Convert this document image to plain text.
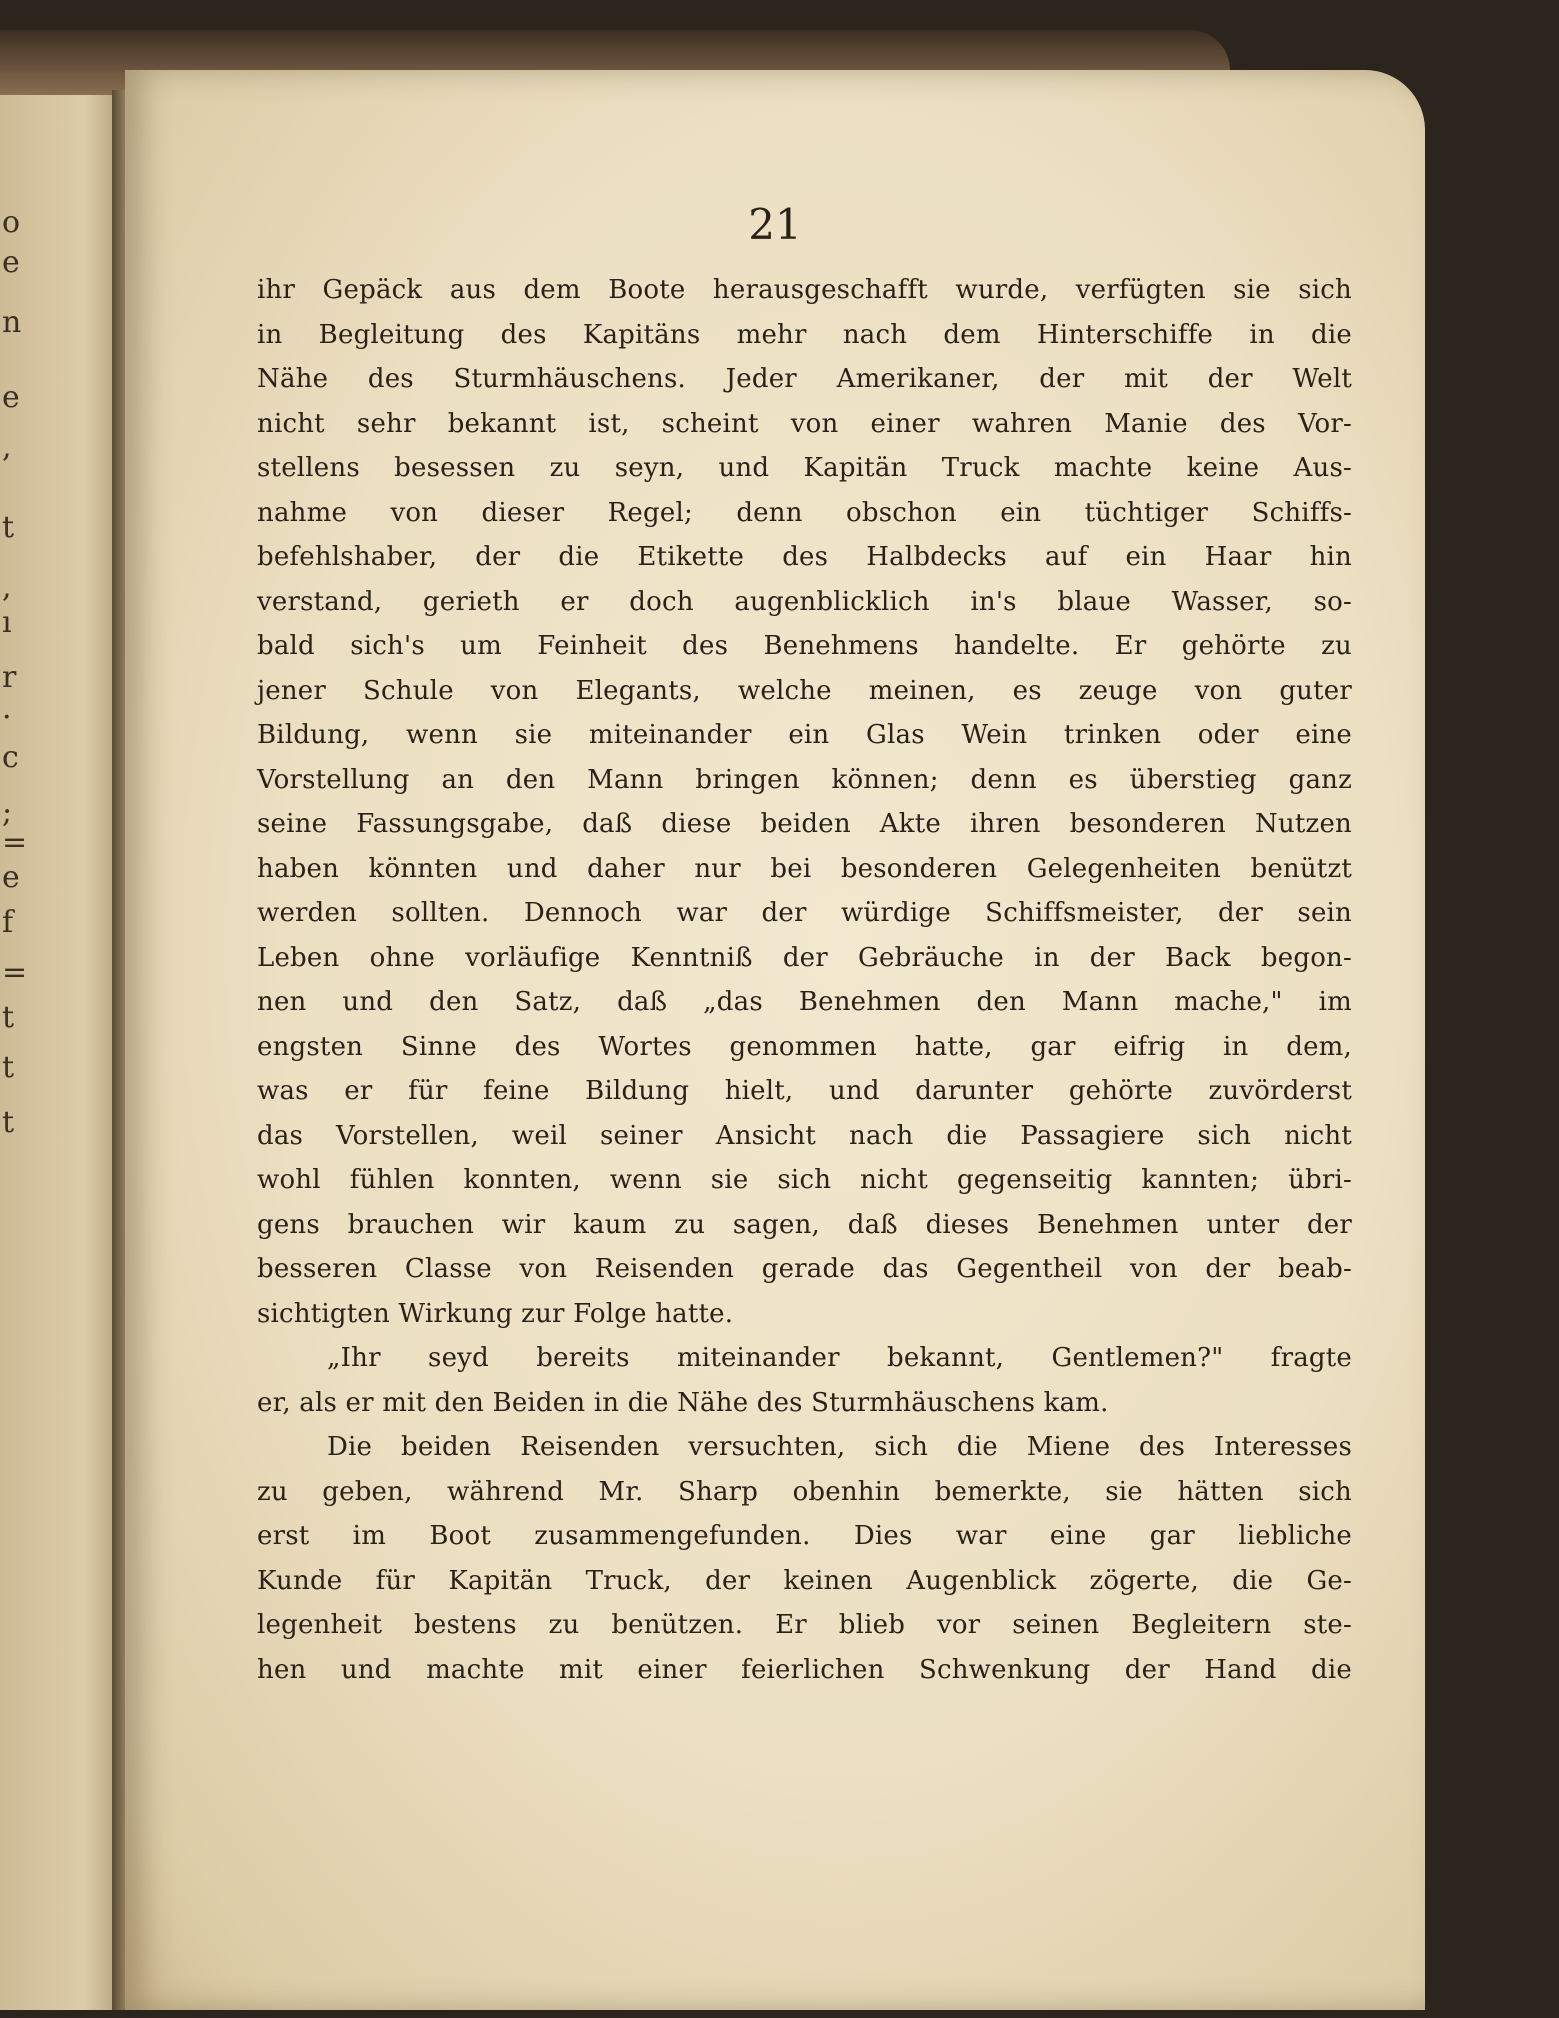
o
e
n
e
,
t
,
ı
r
·
c
;
=
e
f
=
t
t
t
21
ihr Gepäck aus dem Boote herausgeschafft wurde, verfügten sie sich
in Begleitung des Kapitäns mehr nach dem Hinterschiffe in die
Nähe des Sturmhäuschens. Jeder Amerikaner, der mit der Welt
nicht sehr bekannt ist, scheint von einer wahren Manie des Vor-
stellens besessen zu seyn, und Kapitän Truck machte keine Aus-
nahme von dieser Regel; denn obschon ein tüchtiger Schiffs-
befehlshaber, der die Etikette des Halbdecks auf ein Haar hin
verstand, gerieth er doch augenblicklich in's blaue Wasser, so-
bald sich's um Feinheit des Benehmens handelte. Er gehörte zu
jener Schule von Elegants, welche meinen, es zeuge von guter
Bildung, wenn sie miteinander ein Glas Wein trinken oder eine
Vorstellung an den Mann bringen können; denn es überstieg ganz
seine Fassungsgabe, daß diese beiden Akte ihren besonderen Nutzen
haben könnten und daher nur bei besonderen Gelegenheiten benützt
werden sollten. Dennoch war der würdige Schiffsmeister, der sein
Leben ohne vorläufige Kenntniß der Gebräuche in der Back begon-
nen und den Satz, daß „das Benehmen den Mann mache," im
engsten Sinne des Wortes genommen hatte, gar eifrig in dem,
was er für feine Bildung hielt, und darunter gehörte zuvörderst
das Vorstellen, weil seiner Ansicht nach die Passagiere sich nicht
wohl fühlen konnten, wenn sie sich nicht gegenseitig kannten; übri-
gens brauchen wir kaum zu sagen, daß dieses Benehmen unter der
besseren Classe von Reisenden gerade das Gegentheil von der beab-
sichtigten Wirkung zur Folge hatte.
„Ihr seyd bereits miteinander bekannt, Gentlemen?" fragte
er, als er mit den Beiden in die Nähe des Sturmhäuschens kam.
Die beiden Reisenden versuchten, sich die Miene des Interesses
zu geben, während Mr. Sharp obenhin bemerkte, sie hätten sich
erst im Boot zusammengefunden. Dies war eine gar liebliche
Kunde für Kapitän Truck, der keinen Augenblick zögerte, die Ge-
legenheit bestens zu benützen. Er blieb vor seinen Begleitern ste-
hen und machte mit einer feierlichen Schwenkung der Hand die
